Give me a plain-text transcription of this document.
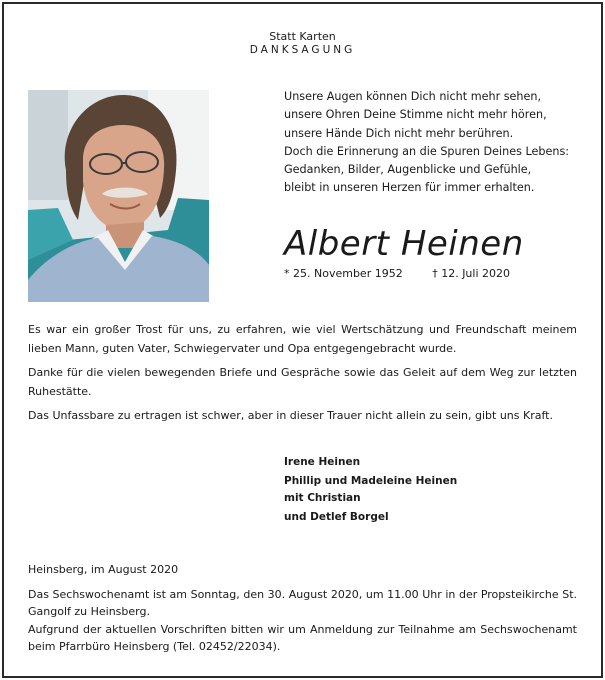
Statt Karten
DANKSAGUNG
Unsere Augen können Dich nicht mehr sehen,
unsere Ohren Deine Stimme nicht mehr hören,
unsere Hände Dich nicht mehr berühren.
Doch die Erinnerung an die Spuren Deines Lebens:
Gedanken, Bilder, Augenblicke und Gefühle,
bleibt in unseren Herzen für immer erhalten.
Albert Heinen
* 25. November 1952	† 12. Juli 2020
Es war ein großer Trost für uns, zu erfahren, wie viel Wertschätzung und Freundschaft meinem lieben Mann, guten Vater, Schwiegervater und Opa entgegengebracht wurde.
Danke für die vielen bewegenden Briefe und Gespräche sowie das Geleit auf dem Weg zur letzten Ruhestätte.
Das Unfassbare zu ertragen ist schwer, aber in dieser Trauer nicht allein zu sein, gibt uns Kraft.
Irene Heinen
Phillip und Madeleine Heinen
mit Christian
und Detlef Borgel
Heinsberg, im August 2020
Das Sechswochenamt ist am Sonntag, den 30. August 2020, um 11.00 Uhr in der Propsteikirche St. Gangolf zu Heinsberg.
Aufgrund der aktuellen Vorschriften bitten wir um Anmeldung zur Teilnahme am Sechswochenamt beim Pfarrbüro Heinsberg (Tel. 02452/22034).
